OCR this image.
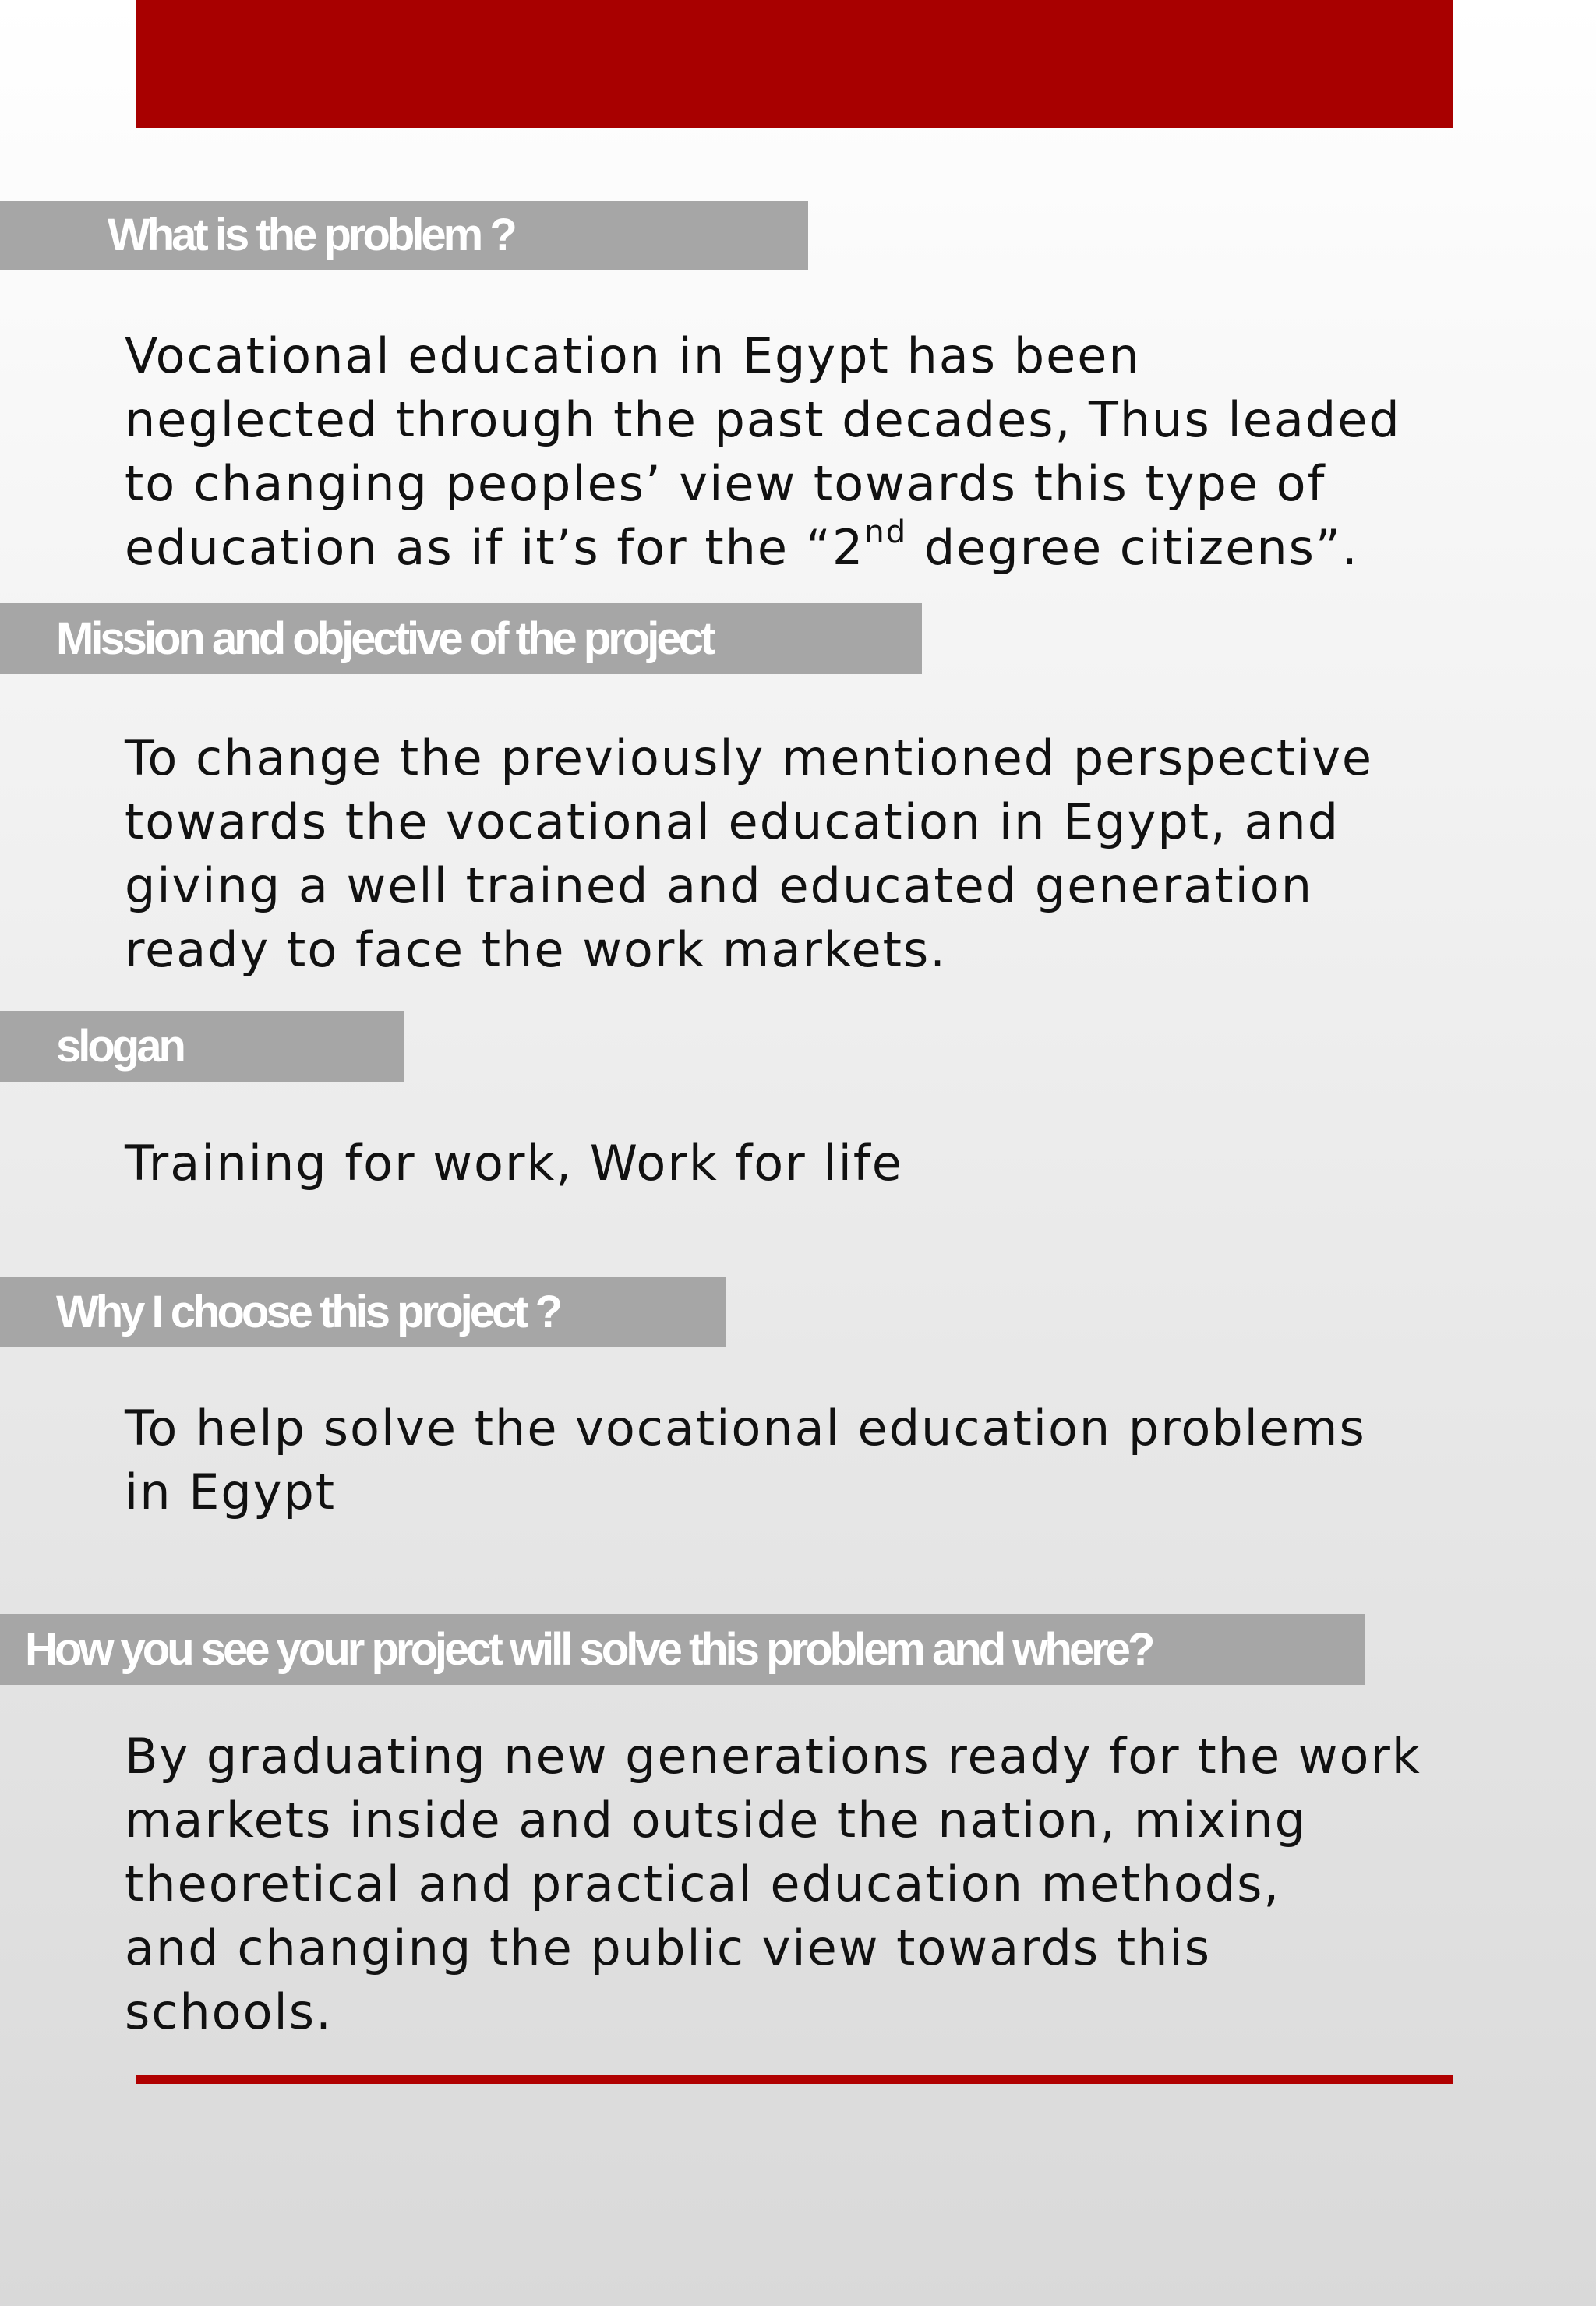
What is the problem ?
Vocational education in Egypt has been
neglected through the past decades, Thus leaded
to changing peoples’ view towards this type of
education as if it’s for the “2nd degree citizens”.
Mission and objective of the project
To change the previously mentioned perspective
towards the vocational education in Egypt, and
giving a well trained and educated generation
ready to face the work markets.
slogan
Training for work, Work for life
Why I choose this project ?
To help solve the vocational education problems
in Egypt
How you see your project will solve this problem and where?
By graduating new generations ready for the work
markets inside and outside the nation, mixing
theoretical and practical education methods,
and changing the public view towards this
schools.
